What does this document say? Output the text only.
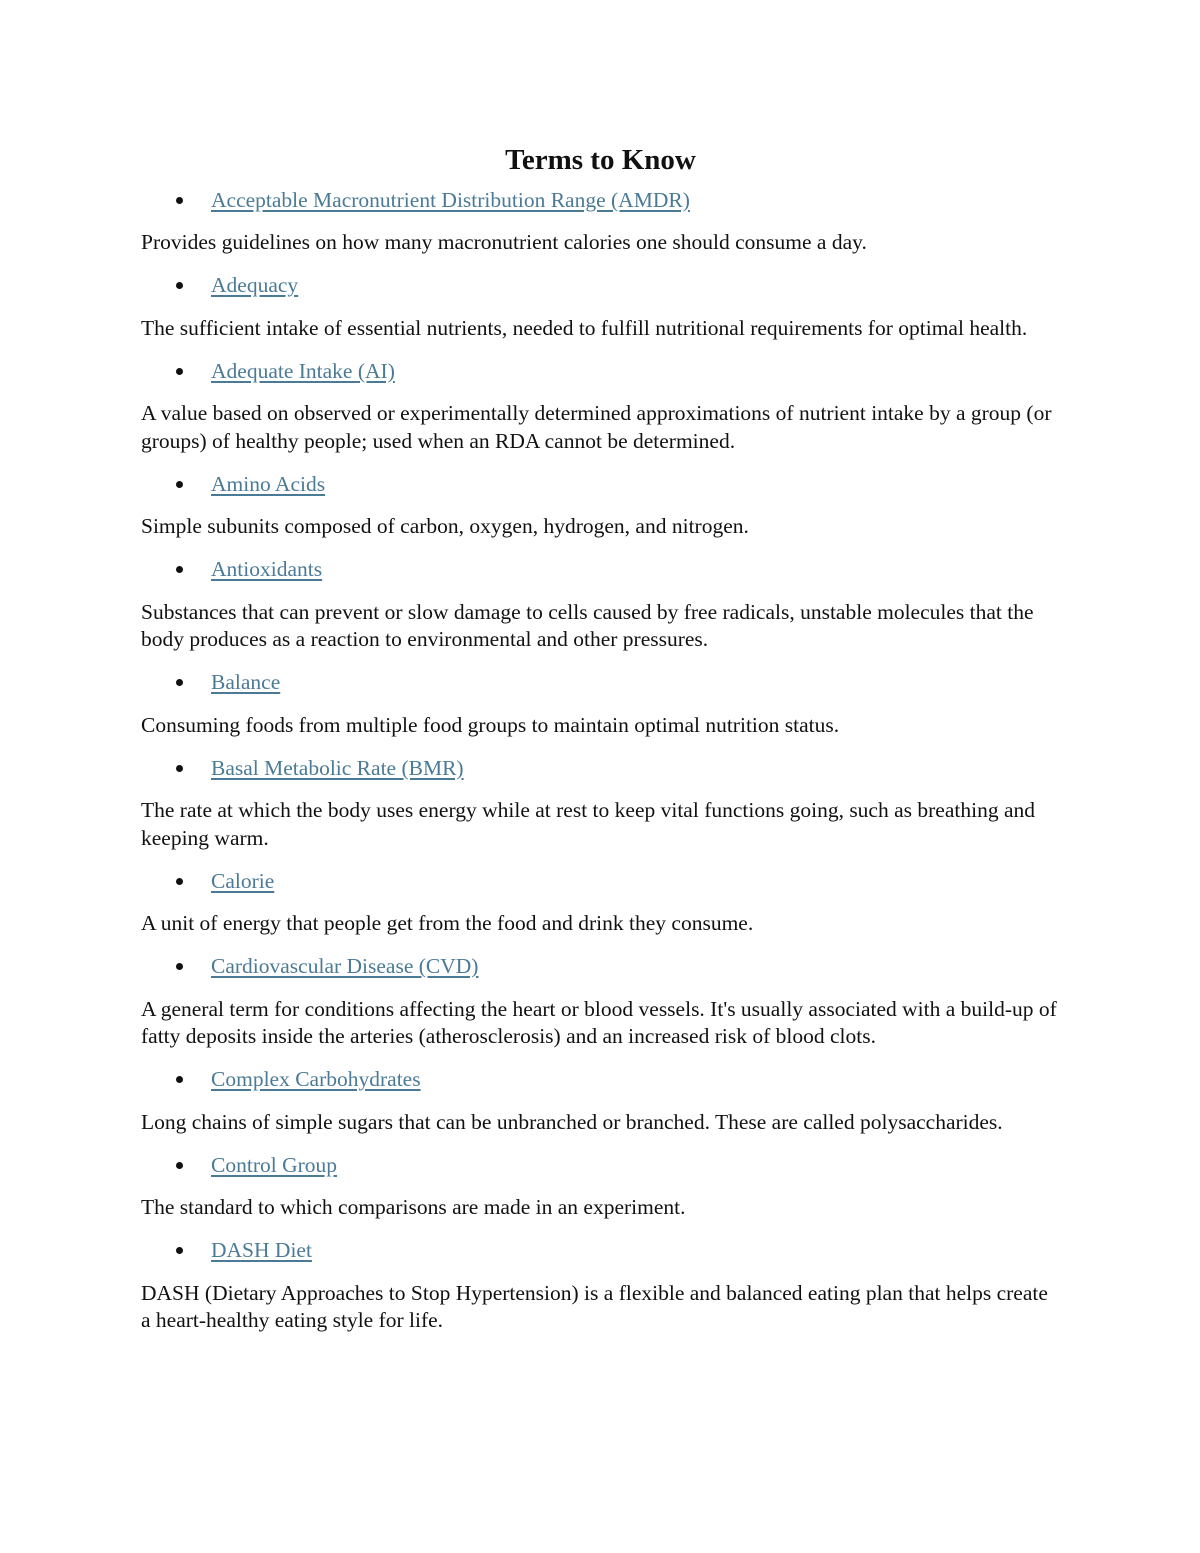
Terms to Know
Acceptable Macronutrient Distribution Range (AMDR)

Provides guidelines on how many macronutrient calories one should consume a day.

Adequacy

The sufficient intake of essential nutrients, needed to fulfill nutritional requirements for optimal health.

Adequate Intake (AI)

A value based on observed or experimentally determined approximations of nutrient intake by a group (or groups) of healthy people; used when an RDA cannot be determined.

Amino Acids

Simple subunits composed of carbon, oxygen, hydrogen, and nitrogen.

Antioxidants

Substances that can prevent or slow damage to cells caused by free radicals, unstable molecules that the body produces as a reaction to environmental and other pressures.

Balance

Consuming foods from multiple food groups to maintain optimal nutrition status.

Basal Metabolic Rate (BMR)

The rate at which the body uses energy while at rest to keep vital functions going, such as breathing and keeping warm.

Calorie

A unit of energy that people get from the food and drink they consume.

Cardiovascular Disease (CVD)

A general term for conditions affecting the heart or blood vessels. It's usually associated with a build-up of fatty deposits inside the arteries (atherosclerosis) and an increased risk of blood clots.

Complex Carbohydrates

Long chains of simple sugars that can be unbranched or branched. These are called polysaccharides.

Control Group

The standard to which comparisons are made in an experiment.

DASH Diet

DASH (Dietary Approaches to Stop Hypertension) is a flexible and balanced eating plan that helps create a heart-healthy eating style for life.
